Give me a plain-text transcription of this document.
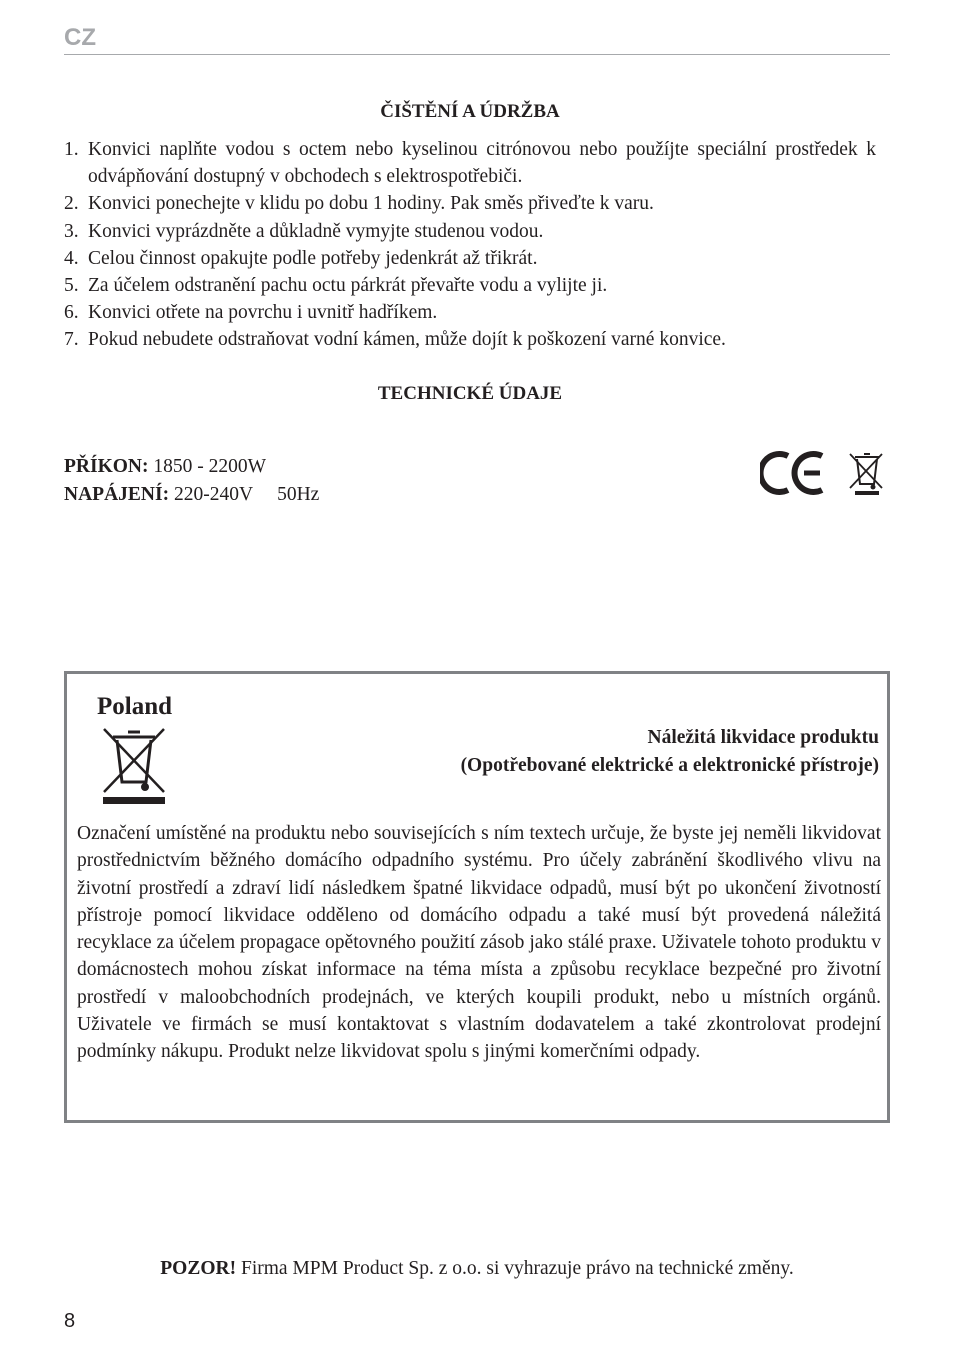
CZ
ČIŠTĚNÍ A ÚDRŽBA
1. Konvici naplňte vodou s octem nebo kyselinou citrónovou nebo použíjte speciální prostředek k odvápňování dostupný v obchodech s elektrospotřebiči.
2. Konvici ponechejte v klidu po dobu 1 hodiny. Pak směs přiveďte k varu.
3. Konvici vyprázdněte a důkladně vymyjte studenou vodou.
4. Celou činnost opakujte podle potřeby jedenkrát až třikrát.
5. Za účelem odstranění pachu octu párkrát převařte vodu a vylijte ji.
6. Konvici otřete na povrchu i uvnitř hadříkem.
7. Pokud nebudete odstraňovat vodní kámen, může dojít k poškození varné konvice.
TECHNICKÉ ÚDAJE
PŘÍKON: 1850 - 2200W
NAPÁJENÍ: 220-240V     50Hz
Poland
Náležitá likvidace produktu
(Opotřebované elektrické a elektronické přístroje)

Označení umístěné na produktu nebo souvisejících s ním textech určuje, že byste jej neměli likvidovat prostřednictvím běžného domácího odpadního systému. Pro účely zabránění škodlivého vlivu na životní prostředí a zdraví lidí následkem špatné likvidace odpadů, musí být po ukončení životností přístroje pomocí likvidace odděleno od domácího odpadu a také musí být provedená náležitá recyklace za účelem propagace opětovného použití zásob jako stálé praxe. Uživatele tohoto produktu v domácnostech mohou získat informace na téma místa a způsobu recyklace bezpečné pro životní prostředí v maloobchodních prodejnách, ve kterých koupili produkt, nebo u místních orgánů. Uživatele ve firmách se musí kontaktovat s vlastním dodavatelem a také zkontrolovat prodejní podmínky nákupu. Produkt nelze likvidovat spolu s jinými komerčními odpady.

POZOR! Firma MPM Product Sp. z o.o. si vyhrazuje právo na technické změny.
8
